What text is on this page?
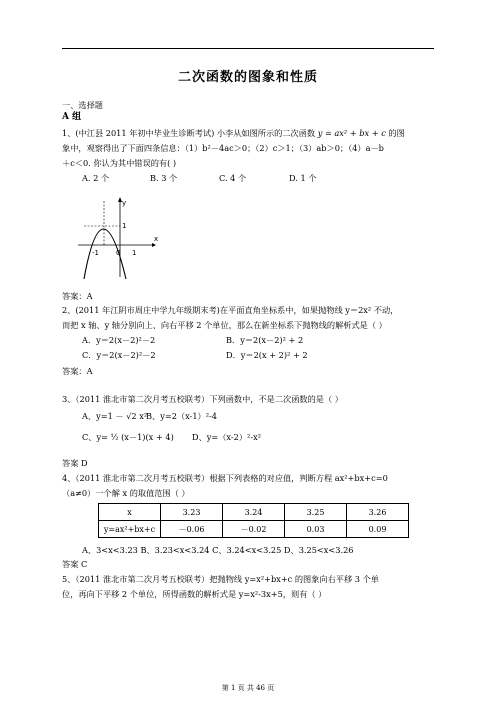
二次函数的图象和性质
一、选择题
A 组
1、(中江县 2011 年初中毕业生诊断考试) 小李从如图所示的二次函数 y = ax² + bx + c 的图
象中，观察得出了下面四条信息：（1）b²－4ac＞0；（2）c＞1；（3）ab＞0；（4）a－b
＋c＜0. 你认为其中错误的有( )
A. 2 个	B. 3 个	C. 4 个	D. 1 个
y
x
1
-1 0 1
答案：A
2、(2011 年江阴市周庄中学九年级期末考)在平面直角坐标系中，如果抛物线 y＝2x² 不动，
而把 x 轴、y 轴分别向上、向右平移 2 个单位，那么在新坐标系下抛物线的解析式是（ ）
A．y＝2(x－2)²－2	B．y＝2(x－2)² + 2
C．y＝2(x－2)²－2	D．y＝2(x + 2)² + 2
答案：A
3、（2011 淮北市第二次月考五校联考）下列函数中，不是二次函数的是（ ）
A、y=1 － √2 x²
B、y=2（x-1）²-4
C、y= ½ (x－1)(x + 4) D、y=（x-2）²-x²
答案 D
4、（2011 淮北市第二次月考五校联考）根据下列表格的对应值，判断方程 ax²+bx+c=0
（a≠0）一个解 x 的取值范围（ ）
x	3.23	3.24	3.25	3.26
y=ax²+bx+c	－0.06	－0.02	0.03	0.09
A、3<x<3.23 B、3.23<x<3.24 C、3.24<x<3.25 D、3.25<x<3.26
答案 C
5、（2011 淮北市第二次月考五校联考）把抛物线 y=x²+bx+c 的图象向右平移 3 个单
位，再向下平移 2 个单位，所得函数的解析式是 y=x²-3x+5，则有（ ）
第 1 页 共 46 页
